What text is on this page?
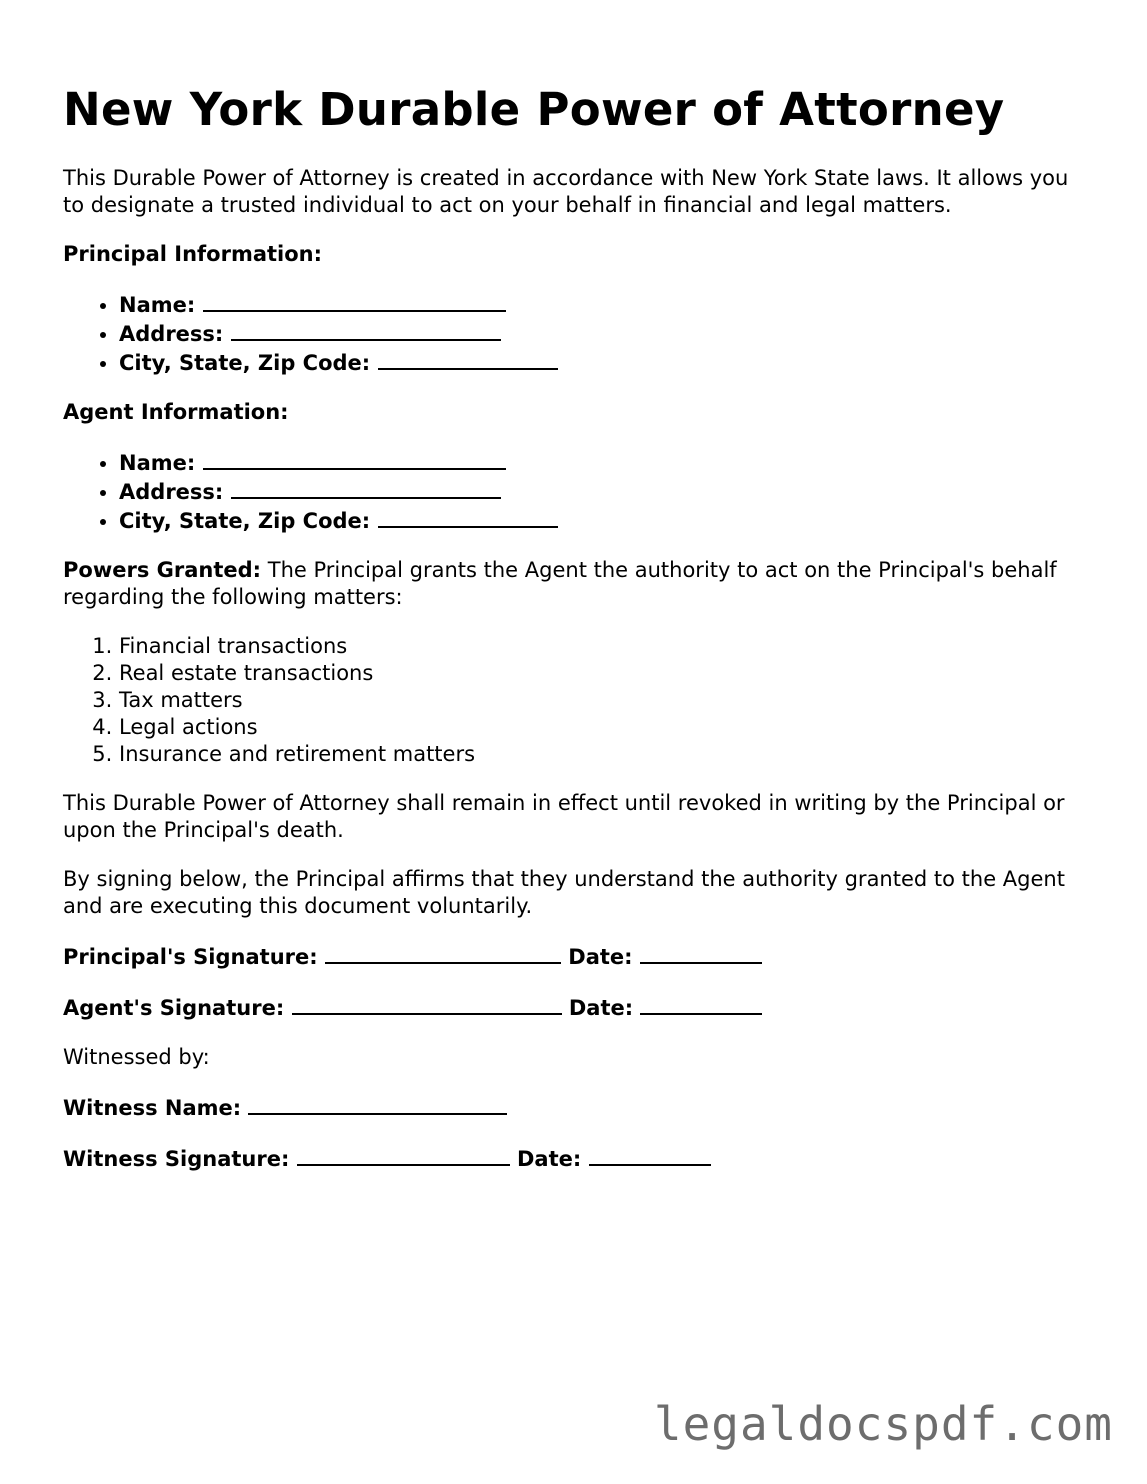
New York Durable Power of Attorney

This Durable Power of Attorney is created in accordance with New York State laws. It allows you to designate a trusted individual to act on your behalf in financial and legal matters.

Principal Information:

• Name:
• Address:
• City, State, Zip Code:

Agent Information:

• Name:
• Address:
• City, State, Zip Code:

Powers Granted: The Principal grants the Agent the authority to act on the Principal's behalf regarding the following matters:

1. Financial transactions
2. Real estate transactions
3. Tax matters
4. Legal actions
5. Insurance and retirement matters

This Durable Power of Attorney shall remain in effect until revoked in writing by the Principal or upon the Principal's death.

By signing below, the Principal affirms that they understand the authority granted to the Agent and are executing this document voluntarily.

Principal's Signature:	Date:

Agent's Signature:	Date:

Witnessed by:

Witness Name:

Witness Signature:	Date:

legaldocspdf.com
